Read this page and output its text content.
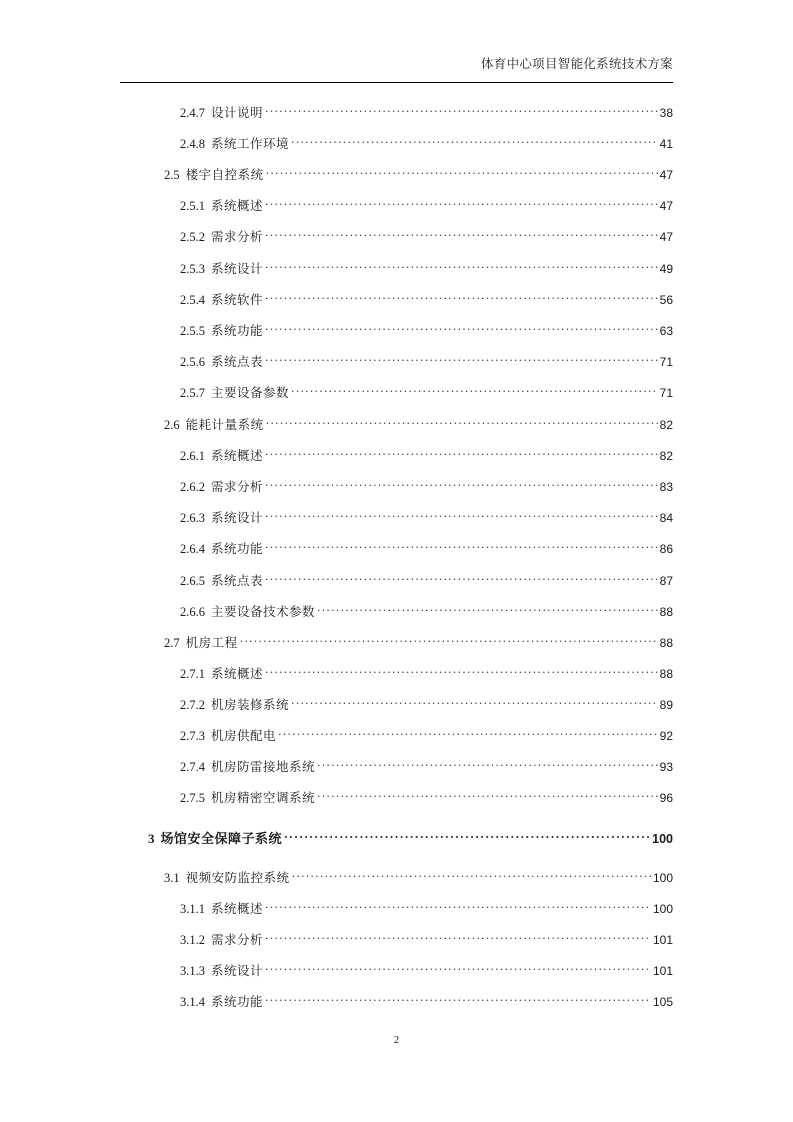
体育中心项目智能化系统技术方案
2.4.7 设计说明 .....	38
2.4.8 系统工作环境 .....	41
2.5 楼宇自控系统 .....	47
2.5.1 系统概述 .....	47
2.5.2 需求分析 .....	47
2.5.3 系统设计 .....	49
2.5.4 系统软件 .....	56
2.5.5 系统功能 .....	63
2.5.6 系统点表 .....	71
2.5.7 主要设备参数 .....	71
2.6 能耗计量系统 .....	82
2.6.1 系统概述 .....	82
2.6.2 需求分析 .....	83
2.6.3 系统设计 .....	84
2.6.4 系统功能 .....	86
2.6.5 系统点表 .....	87
2.6.6 主要设备技术参数 .....	88
2.7 机房工程 .....	88
2.7.1 系统概述 .....	88
2.7.2 机房装修系统 .....	89
2.7.3 机房供配电 .....	92
2.7.4 机房防雷接地系统 .....	93
2.7.5 机房精密空调系统 .....	96
3 场馆安全保障子系统 .....	100
3.1 视频安防监控系统 .....	100
3.1.1 系统概述 .....	100
3.1.2 需求分析 .....	101
3.1.3 系统设计 .....	101
3.1.4 系统功能 .....	105
2
